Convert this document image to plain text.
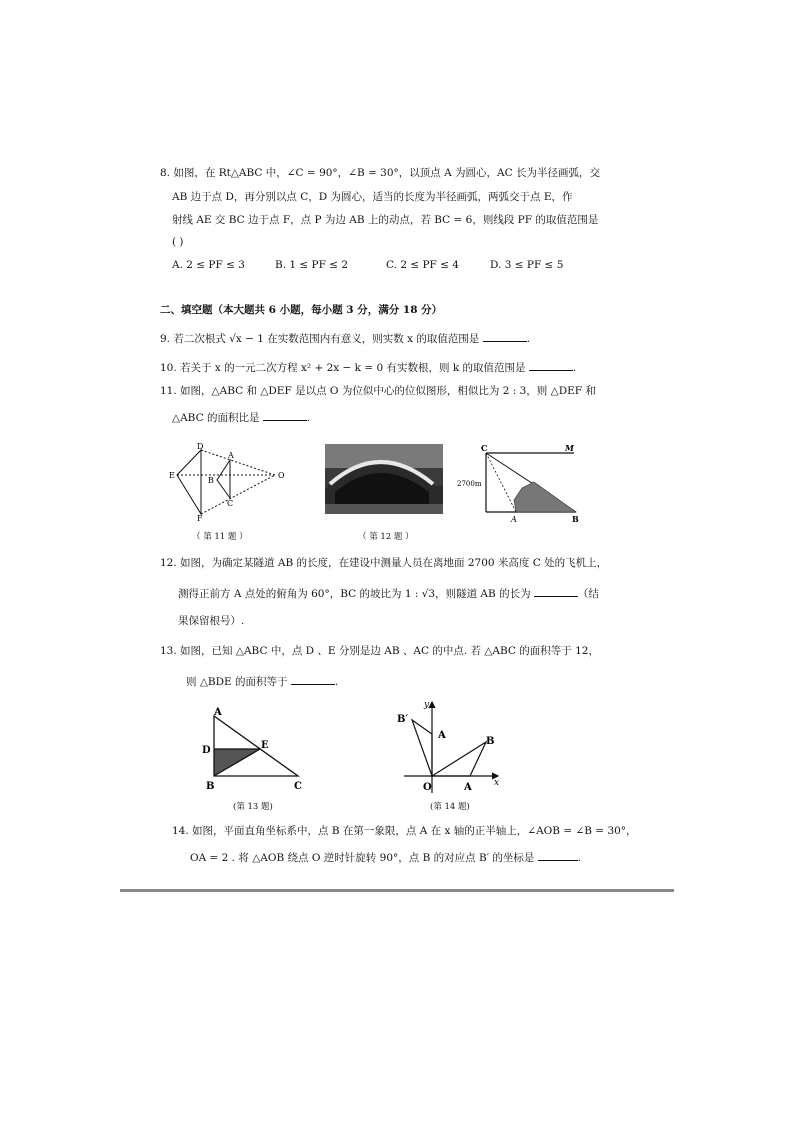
8. 如图，在 Rt△ABC 中，∠C = 90°，∠B = 30°，以顶点 A 为圆心，AC 长为半径画弧，交
AB 边于点 D，再分别以点 C，D 为圆心，适当的长度为半径画弧，两弧交于点 E，作
射线 AE 交 BC 边于点 F，点 P 为边 AB 上的动点，若 BC = 6，则线段 PF 的取值范围是
( )
A. 2 ≤ PF ≤ 3	B. 1 ≤ PF ≤ 2	C. 2 ≤ PF ≤ 4	D. 3 ≤ PF ≤ 5
二、填空题（本大题共 6 小题，每小题 3 分，满分 18 分）
9. 若二次根式 √x − 1 在实数范围内有意义，则实数 x 的取值范围是	.
10. 若关于 x 的一元二次方程 x² + 2x − k = 0 有实数根，则 k 的取值范围是	.
11. 如图，△ABC 和 △DEF 是以点 O 为位似中心的位似图形，相似比为 2 : 3，则 △DEF 和
△ABC 的面积比是	.
D
A
E
B
O
C
F
（ 第 11 题 ）	（ 第 12 题 ）
C	M
2700m
A	B
12. 如图，为确定某隧道 AB 的长度，在建设中测量人员在离地面 2700 米高度 C 处的飞机上，
测得正前方 A 点处的俯角为 60°，BC 的坡比为 1 : √3，则隧道 AB 的长为	（结
果保留根号）.
13. 如图，已知 △ABC 中，点 D 、E 分别是边 AB 、AC 的中点. 若 △ABC 的面积等于 12，
则 △BDE 的面积等于	.
A
D	E
B	C
(第 13 题)
y
B′
A
B
O	A x
(第 14 题)
14. 如图，平面直角坐标系中，点 B 在第一象限，点 A 在 x 轴的正半轴上，∠AOB = ∠B = 30°，
OA = 2 . 将 △AOB 绕点 O 逆时针旋转 90°，点 B 的对应点 B′ 的坐标是	.
